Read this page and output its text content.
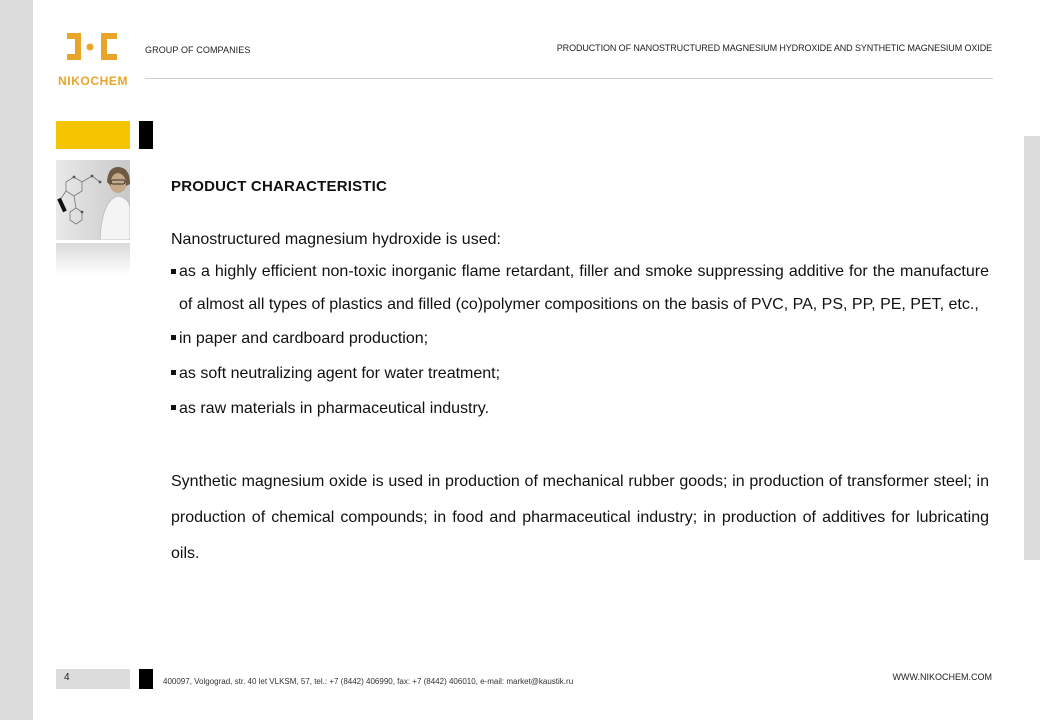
NIKOCHEM
GROUP OF COMPANIES	PRODUCTION OF NANOSTRUCTURED MAGNESIUM HYDROXIDE AND SYNTHETIC MAGNESIUM OXIDE
PRODUCT CHARACTERISTIC

Nanostructured magnesium hydroxide is used:

as a highly efficient non-toxic inorganic flame retardant, filler and smoke suppressing additive for the manufacture of almost all types of plastics and filled (co)polymer compositions on the basis of PVC, PA, PS, PP, PE, PET, etc.,
in paper and cardboard production;
as soft neutralizing agent for water treatment;
as raw materials in pharmaceutical industry.

Synthetic magnesium oxide is used in production of mechanical rubber goods; in production of transformer steel; in production of chemical compounds; in food and pharmaceutical industry; in production of additives for lubricating oils.

4	400097, Volgograd, str. 40 let VLKSM, 57, tel.: +7 (8442) 406990, fax: +7 (8442) 406010, e-mail: market@kaustik.ru	WWW.NIKOCHEM.COM
